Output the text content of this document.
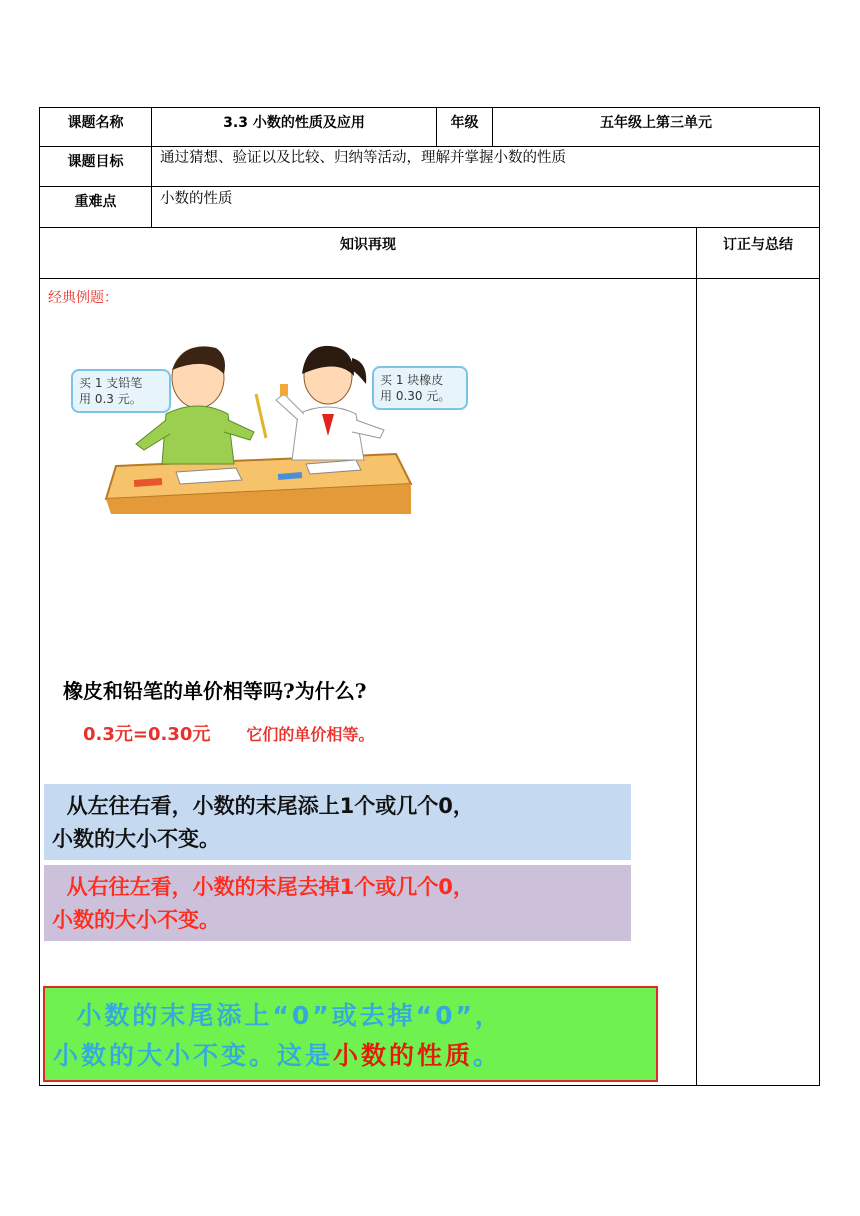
课题名称	3.3 小数的性质及应用	年级	五年级上第三单元
课题目标	通过猜想、验证以及比较、归纳等活动，理解并掌握小数的性质
重难点	小数的性质
知识再现	订正与总结
经典例题：
买 1 支铅笔
用 0.3 元。
买 1 块橡皮
用 0.30 元。
橡皮和铅笔的单价相等吗?为什么?
0.3元=0.30元 它们的单价相等。
从左往右看，小数的末尾添上1个或几个0，
小数的大小不变。
从右往左看，小数的末尾去掉1个或几个0，
小数的大小不变。
小数的末尾添上“0”或去掉“0”，
小数的大小不变。这是小数的性质。
